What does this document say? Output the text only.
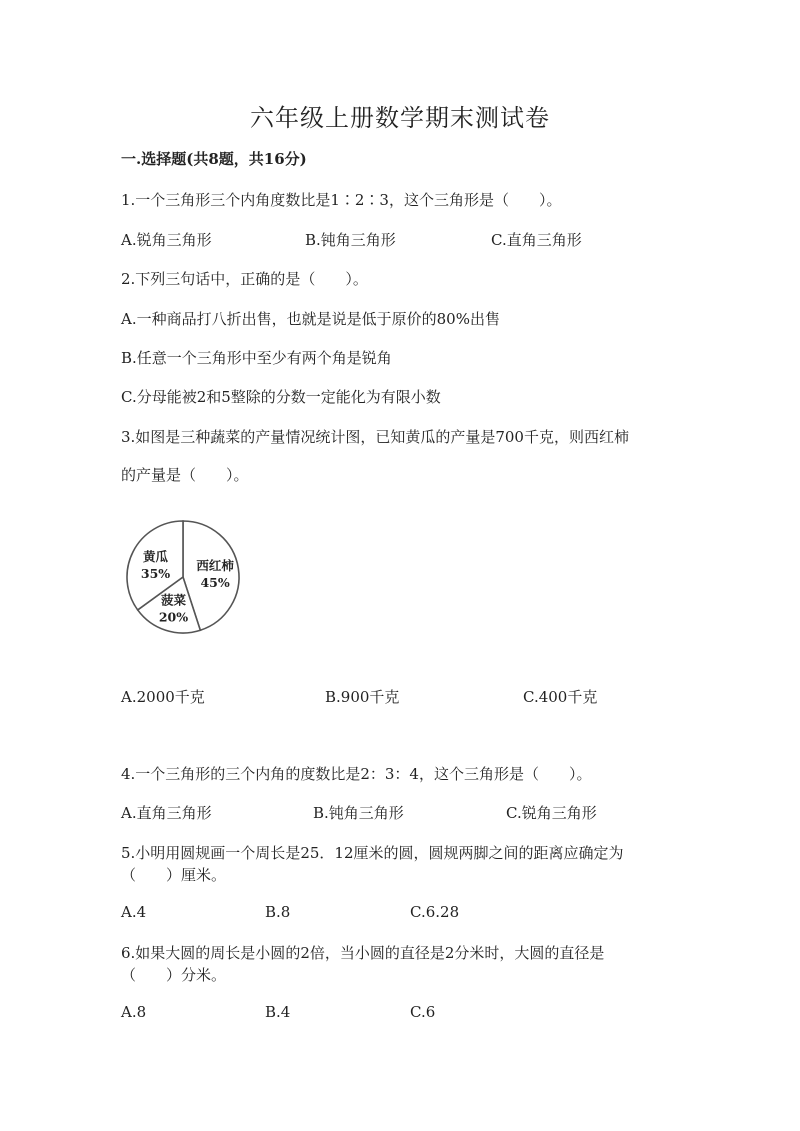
六年级上册数学期末测试卷
一.选择题(共8题，共16分)
1.一个三角形三个内角度数比是1∶2∶3，这个三角形是（　　）。
A.锐角三角形	B.钝角三角形	C.直角三角形
2.下列三句话中，正确的是（　　）。
A.一种商品打八折出售，也就是说是低于原价的80%出售
B.任意一个三角形中至少有两个角是锐角
C.分母能被2和5整除的分数一定能化为有限小数
3.如图是三种蔬菜的产量情况统计图，已知黄瓜的产量是700千克，则西红柿
的产量是（　　）。
西红柿
45%
菠菜
20%
黄瓜
35%
A.2000千克	B.900千克	C.400千克
4.一个三角形的三个内角的度数比是2：3：4，这个三角形是（　　）。
A.直角三角形	B.钝角三角形	C.锐角三角形
5.小明用圆规画一个周长是25．12厘米的圆，圆规两脚之间的距离应确定为
（　　）厘米。
A.4	B.8	C.6.28
6.如果大圆的周长是小圆的2倍，当小圆的直径是2分米时，大圆的直径是
（　　）分米。
A.8	B.4	C.6
